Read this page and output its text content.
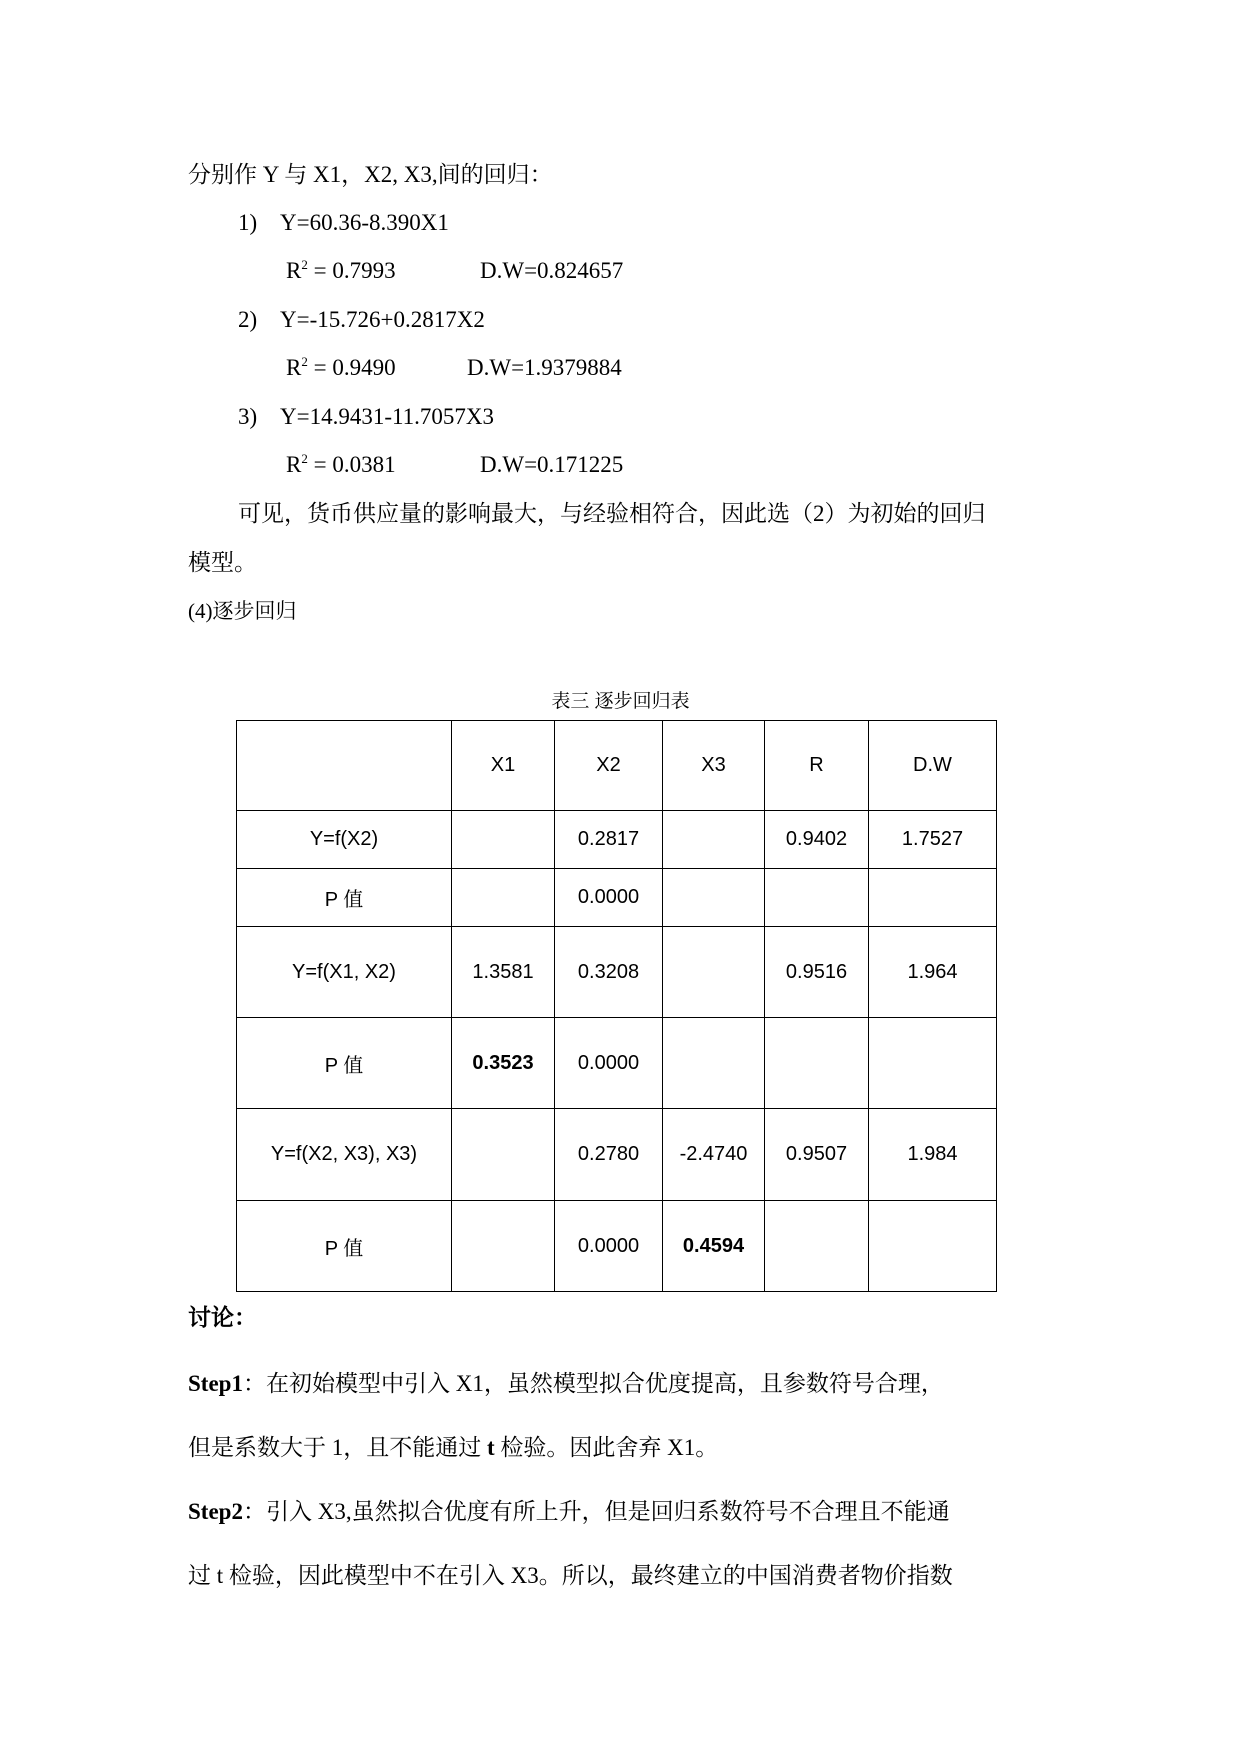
分别作 Y 与 X1，X2, X3,间的回归：
1) Y=60.36-8.390X1
$R^2 = 0.7993$	D.W=0.824657
2) Y=-15.726+0.2817X2
$R^2 = 0.9490$	D.W=1.9379884
3) Y=14.9431-11.7057X3
$R^2 = 0.0381$	D.W=0.171225
可见，货币供应量的影响最大，与经验相符合，因此选（2）为初始的回归
模型。
(4)逐步回归
表三 逐步回归表
	X1	X2	X3	R	D.W
Y=f(X2)		0.2817		0.9402	1.7527
P 值		0.0000			
Y=f(X1, X2)	1.3581	0.3208		0.9516	1.964
P 值	0.3523	0.0000			
Y=f(X2, X3), X3)		0.2780	-2.4740	0.9507	1.984
P 值		0.0000	0.4594		
讨论：
Step1：在初始模型中引入 X1，虽然模型拟合优度提高，且参数符号合理，
但是系数大于 1，且不能通过 t 检验。因此舍弃 X1。
Step2：引入 X3,虽然拟合优度有所上升，但是回归系数符号不合理且不能通
过 t 检验，因此模型中不在引入 X3。所以，最终建立的中国消费者物价指数
